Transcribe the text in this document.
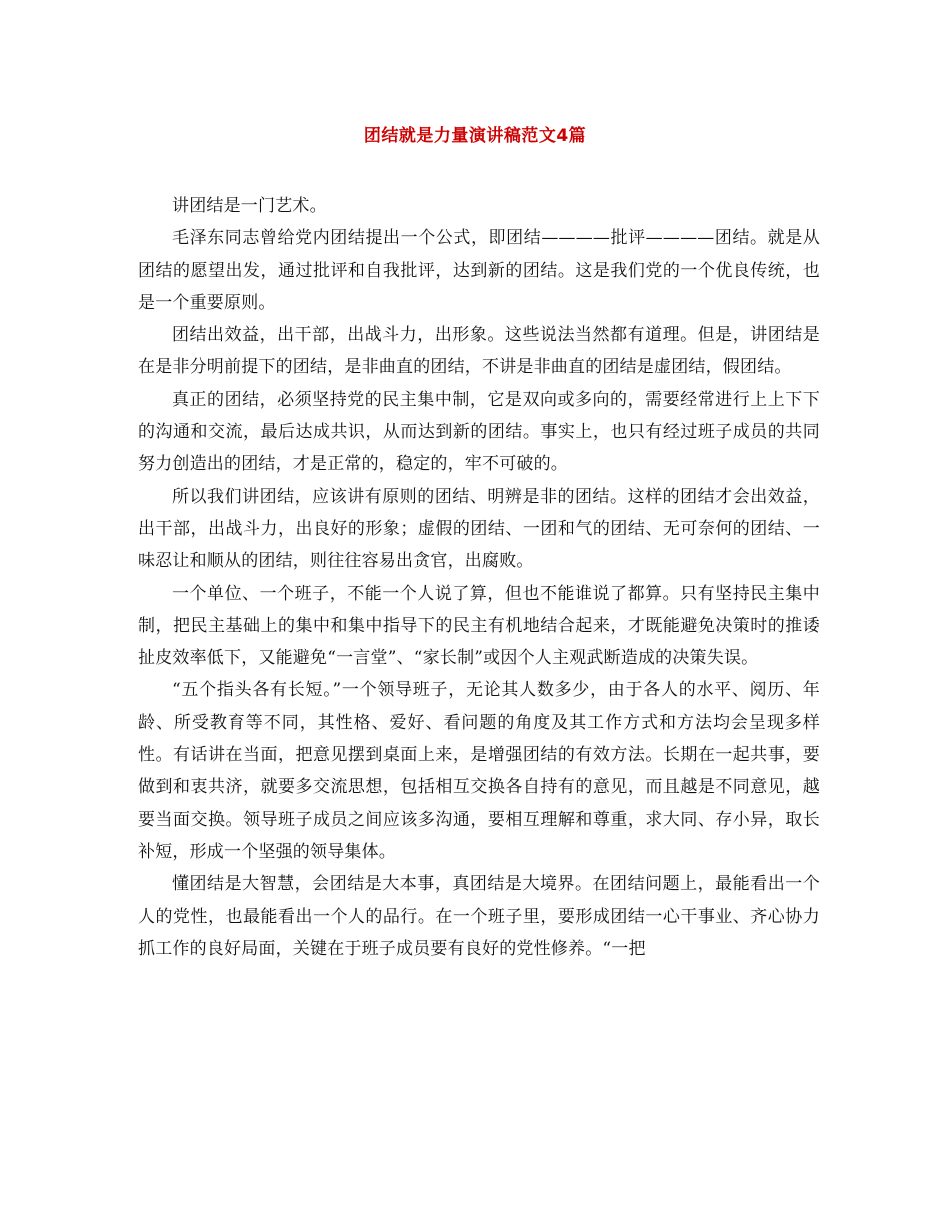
团结就是力量演讲稿范文4篇

讲团结是一门艺术。

毛泽东同志曾给党内团结提出一个公式，即团结————批评————团结。就是从团结的愿望出发，通过批评和自我批评，达到新的团结。这是我们党的一个优良传统，也是一个重要原则。

团结出效益，出干部，出战斗力，出形象。这些说法当然都有道理。但是，讲团结是在是非分明前提下的团结，是非曲直的团结，不讲是非曲直的团结是虚团结，假团结。

真正的团结，必须坚持党的民主集中制，它是双向或多向的，需要经常进行上上下下的沟通和交流，最后达成共识，从而达到新的团结。事实上，也只有经过班子成员的共同努力创造出的团结，才是正常的，稳定的，牢不可破的。

所以我们讲团结，应该讲有原则的团结、明辨是非的团结。这样的团结才会出效益，出干部，出战斗力，出良好的形象；虚假的团结、一团和气的团结、无可奈何的团结、一味忍让和顺从的团结，则往往容易出贪官，出腐败。

一个单位、一个班子，不能一个人说了算，但也不能谁说了都算。只有坚持民主集中制，把民主基础上的集中和集中指导下的民主有机地结合起来，才既能避免决策时的推诿扯皮效率低下，又能避免“一言堂”、“家长制”或因个人主观武断造成的决策失误。

“五个指头各有长短。”一个领导班子，无论其人数多少，由于各人的水平、阅历、年龄、所受教育等不同，其性格、爱好、看问题的角度及其工作方式和方法均会呈现多样性。有话讲在当面，把意见摆到桌面上来，是增强团结的有效方法。长期在一起共事，要做到和衷共济，就要多交流思想，包括相互交换各自持有的意见，而且越是不同意见，越要当面交换。领导班子成员之间应该多沟通，要相互理解和尊重，求大同、存小异，取长补短，形成一个坚强的领导集体。

懂团结是大智慧，会团结是大本事，真团结是大境界。在团结问题上，最能看出一个人的党性，也最能看出一个人的品行。在一个班子里，要形成团结一心干事业、齐心协力抓工作的良好局面，关键在于班子成员要有良好的党性修养。“一把
